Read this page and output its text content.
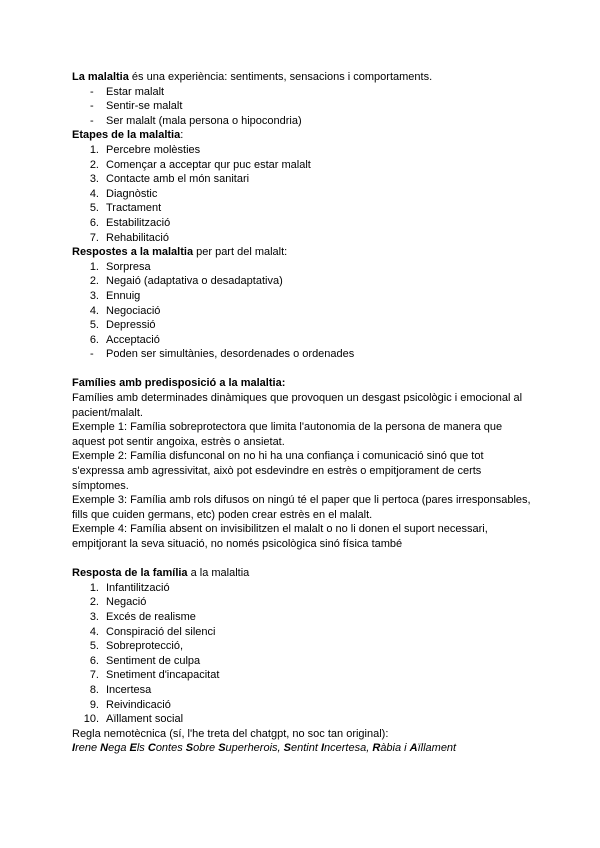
La malaltia és una experiència: sentiments, sensacions i comportaments.

- Estar malalt
- Sentir-se malalt
- Ser malalt (mala persona o hipocondria)

Etapes de la malaltia:

1. Percebre molèsties
2. Començar a acceptar qur puc estar malalt
3. Contacte amb el món sanitari
4. Diagnòstic
5. Tractament
6. Estabilització
7. Rehabilitació

Respostes a la malaltia per part del malalt:

1. Sorpresa
2. Negaió (adaptativa o desadaptativa)
3. Ennuig
4. Negociació
5. Depressió
6. Acceptació
- Poden ser simultànies, desordenades o ordenades

Famílies amb predisposició a la malaltia:

Famílies amb determinades dinàmiques que provoquen un desgast psicològic i emocional al pacient/malalt.

Exemple 1: Família sobreprotectora que limita l'autonomia de la persona de manera que aquest pot sentir angoixa, estrès o ansietat.

Exemple 2: Família disfunconal on no hi ha una confiança i comunicació sinó que tot s'expressa amb agressivitat, això pot esdevindre en estrès o empitjorament de certs símptomes.

Exemple 3: Família amb rols difusos on ningú té el paper que li pertoca (pares irresponsables, fills que cuiden germans, etc) poden crear estrès en el malalt.

Exemple 4: Família absent on invisibilitzen el malalt o no li donen el suport necessari, empitjorant la seva situació, no només psicològica sinó física també

Resposta de la família a la malaltia

1. Infantilització
2. Negació
3. Excés de realisme
4. Conspiració del silenci
5. Sobreprotecció,
6. Sentiment de culpa
7. Snetiment d'incapacitat
8. Incertesa
9. Reivindicació
10. Aïllament social

Regla nemotècnica (sí, l'he treta del chatgpt, no soc tan original):

Irene Nega Els Contes Sobre Superherois, Sentint Incertesa, Ràbia i Aïllament
